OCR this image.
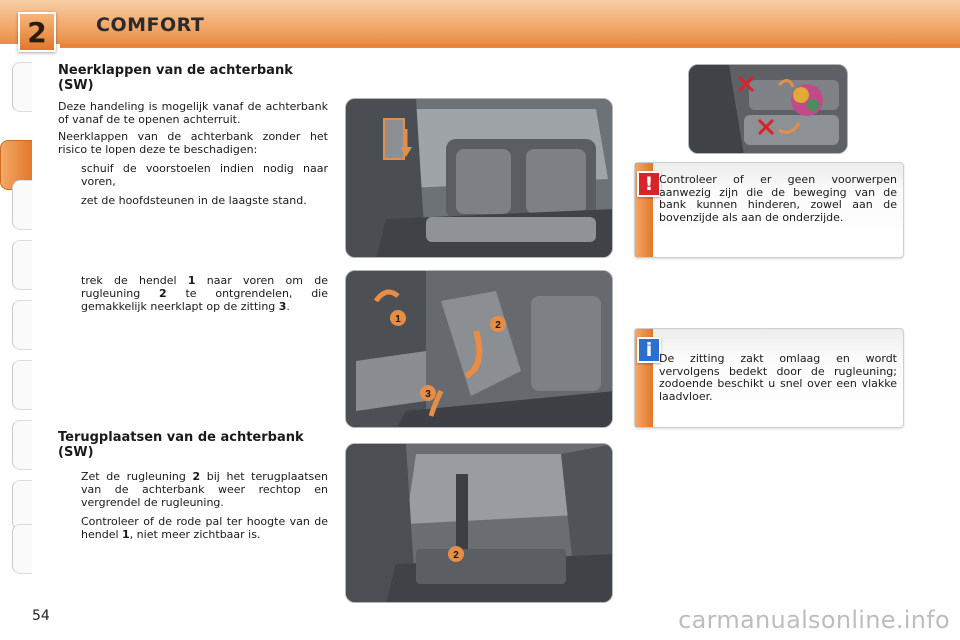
2	COMFORT
Neerklappen van de achterbank (SW)

Deze handeling is mogelijk vanaf de achterbank of vanaf de te openen achterruit.

Neerklappen van de achterbank zonder het risico te lopen deze te beschadigen:

schuif de voorstoelen indien nodig naar voren,
zet de hoofdsteunen in de laagste stand.
trek de hendel 1 naar voren om de rugleuning 2 te ontgrendelen, die gemakkelijk neerklapt op de zitting 3.
Terugplaatsen van de achterbank (SW)
Zet de rugleuning 2 bij het terugplaatsen van de achterbank weer rechtop en vergrendel de rugleuning.
Controleer of de rode pal ter hoogte van de hendel 1, niet meer zichtbaar is.
1
2
3
2
! Controleer of er geen voorwerpen aanwezig zijn die de beweging van de bank kunnen hinderen, zowel aan de bovenzijde als aan de onderzijde.
i De zitting zakt omlaag en wordt vervolgens bedekt door de rugleuning; zodoende beschikt u snel over een vlakke laadvloer.
54	carmanualsonline.info
